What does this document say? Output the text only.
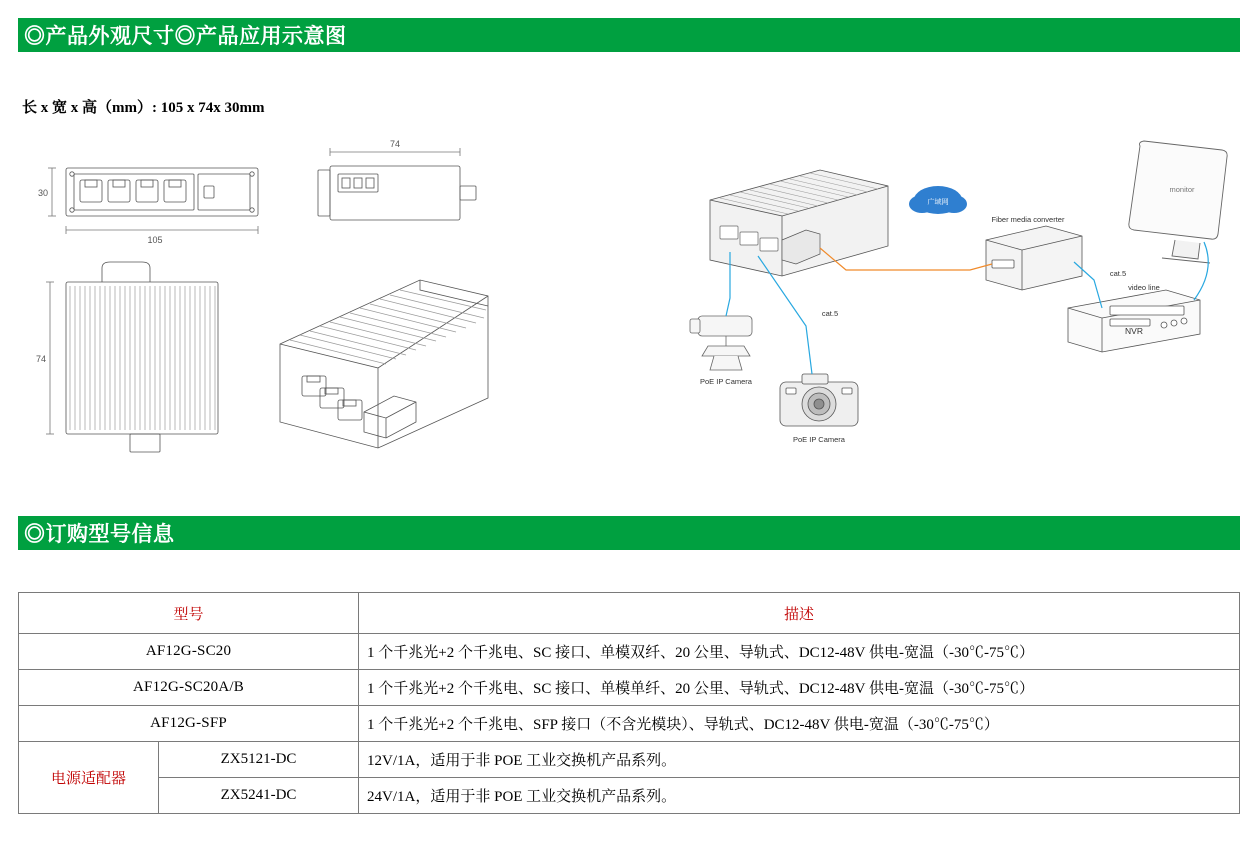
◎产品外观尺寸◎产品应用示意图
长 x 宽 x 高（mm）: 105 x 74x 30mm
30
105
74
74
广域网
monitor
NVR
PoE IP Camera
PoE IP Camera
Fiber media converter
cat.5
cat.5
video line
◎订购型号信息
型号		描述
AF12G-SC20		1 个千兆光+2 个千兆电、SC 接口、单模双纤、20 公里、导轨式、DC12-48V 供电-宽温（-30℃-75℃）
AF12G-SC20A/B		1 个千兆光+2 个千兆电、SC 接口、单模单纤、20 公里、导轨式、DC12-48V 供电-宽温（-30℃-75℃）
AF12G-SFP		1 个千兆光+2 个千兆电、SFP 接口（不含光模块）、导轨式、DC12-48V 供电-宽温（-30℃-75℃）
电源适配器	ZX5121-DC	12V/1A，适用于非 POE 工业交换机产品系列。
	ZX5241-DC	24V/1A，适用于非 POE 工业交换机产品系列。
